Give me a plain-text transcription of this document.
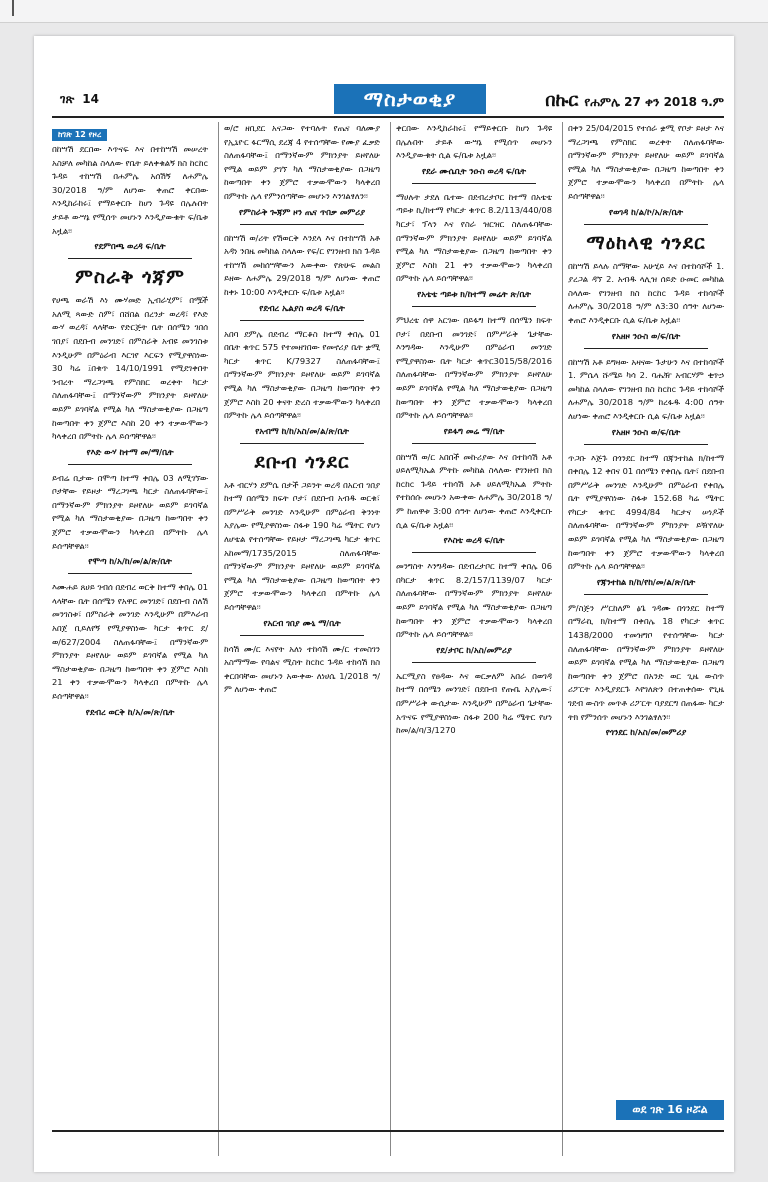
ገጽ 14	ማስታወቂያ	በኩር የሐምሌ 27 ቀን 2018 ዓ.ም
ከገጽ 12 የዞረ

በከሣሽ ደርበው እጥናፍ እና በተከሣሽ መሠረት አስቻለ መካከል ስላለው የቤት ይለቀቁልኝ ክስ ከcከc ጉዳይ ተከሣሽ በሐምሌ አሰሽኝ ለሐምሌ 30/2018 ዓ/ም ለሆነው ቀጠሮ ቀርበው እንዲከራከሩ፤ የማይቀርቡ ከሆነ ጉዳዩ በሌሉበት ታይቶ ውሣኔ የሚሰጥ መሆኑን እንዲያውቁት ፍ/ቤቱ አዟል፡፡

የደምበጫ ወረዳ ፍ/ቤት
ምስራቅ ጎጃም

የሀጫ ወራሽ እነ ሙሃመድ ኢብራሂም፣ በሟች አለሚ ጻውድ ስም፣ በሸበል በረንታ ወረዳ፣ የእድ ውሃ ወረዳ፣ ላላቸው የድርጅት ቤት በሰሜን ገበሰ ገበያ፣ በደቡብ መንገድ፣ በምስራቅ አብዩ መንገስቱ እንዲሁም በምዕራብ እርገየ እርፍን የሚያዋስነው 30 ካሬ ፤በቁጥ 14/10/1991 የሚደገቀበት ንብረት ማረጋገጫ የምስክር ወረቀት ካርታ ስለጠፋባቸው፤ በማንኛውም ምክንያት ይዞየለሁ ወይም ይገባኛል የሚል ካለ ማስታወቂያው በጋዜጣ ከወጣበት ቀን ጀምሮ እስከ 20 ቀን ተቃውሞውን ካላቀረበ በምትኩ ሌላ ይሰጣቸዋል፡፡

የእድ ውሃ ከተማ መ/ማ/ቤት

ይብሬ ቢታው በሞጣ ከተማ ቀበሌ 03 ለሚገኘው ቦታቸው የይዞታ ማረጋገጫ ካርታ ስለጠፋባቸው፤ በማንኛውም ምክንያት ይዞየለሁ ወይም ይገባኛል የሚል ካለ ማስታወቂያው በጋዜጣ ከወጣበት ቀን ጀምሮ ተቃውሞውን ካላቀረበ በምትኩ ሌላ ይሰጣቸዋል፡፡

የሞጣ ከ/አ/ከ/መ/ል/ጽ/ቤት

እሙሐይ ጸሀይ ገብሰ በደብረ ወርቅ ከተማ ቀበሌ 01 ላላቸው ቤት በሰሜን የአዋር መንገድ፣ በደቡብ ስለሽ መንገስቱ፣ በምስራቅ መንገድ እንዲሁም በምእራብ አበጀ ቢይለየኝ የሚያዋስነው ካርታ ቁጥር ደ/ወ/627/2004 ስለጠፋባቸው፤ በማንኛውም ምክንያት ይዞየለሁ ወይም ይገባኛል የሚል ካለ ማስታወቂያው በጋዜጣ ከወጣበት ቀን ጀምሮ እስከ 21 ቀን ተቃውሞውን ካላቀረበ በምትኩ ሌላ ይሰጣቸዋል፡፡

የደብረ ወርቅ ከ/አ/መ/ጽ/ቤት

ወ/ሮ ዘቢደር አናጋው የተባሉት የጤና ባለሙያ የኢኒዮር ፋርማሲ ደረጃ 4 የተሰጣቸው የሙያ ፈቃድ ስለጠፋባቸው፤ በማንኛውም ምክንያት ይዞየለሁ የሚል ወይም ያገኘ ካለ ማስታወቂያው በጋዜጣ ከወጣበት ቀን ጀምሮ ተቃውሞውን ካላቀረበ በምትኩ ሌላ የምንሰጣቸው መሆኑን እንገልፃለን፡፡

የምስራቅ ጐጃም ዞን ጤና ጥበቃ መምሪያ

በከሣሽ ወ/ሪት የሽወርቅ እንደላ እና በተከሣሽ አቶ አዳነ ንበዜ መካከል ስላለው የፍ/ር የገንዘብ ክስ ጉዳይ ተከሣሽ መከሰሣቸውን አውቀው የጽሁፍ መልስ ይዘው ለሐምሌ 29/2018 ዓ/ም ለሆነው ቀጠሮ ከቀኑ 10:00 እንዲቀርቡ ፍ/ቤቱ አዟል፡፡

የደብረ ኤልያስ ወረዳ ፍ/ቤት

አበባ ደምሌ በደብረ ማርቆስ ከተማ ቀበሌ 01 በቤት ቁጥር 575 የተመዘገበው የመኖሪያ ቤት ቋሚ ካርታ ቁጥር K/79327 ስለጠፋባቸው፤ በማንኛውም ምክንያት ይዞየለሁ ወይም ይገባኛል የሚል ካለ ማስታወቂያው በጋዜጣ ከወጣበት ቀን ጀምሮ እስከ 20 ቀናት ድረስ ተቃውሞውን ካላቀረበ በምትኩ ሌላ ይሰጣቸዋል፡፡

የአብማ ከ/ከ/አስ/መ/ል/ጽ/ቤት
ደቡብ ጎንደር

አቶ ብርሃን ደምሴ በታች ጋይንት ወረዳ በአርብ ገበያ ከተማ በሰሜን ክፍት ቦታ፣ በደቡብ አብዱ ወርቁ፣ በምሥራቅ መንገድ እንዲሁም በምዕራብ ቅንነት አያሌው የሚያዋስነው ስፋቱ 190 ካሬ ሜትር የሆነ ለሆቴል የተሰጣቸው የይዞታ ማረጋገጫ ካርታ ቁጥር አከመማ/1735/2015 ስለጠፋባቸው በማንኛውም ምክንያት ይዞየለሁ ወይም ይገባኛል የሚል ካለ ማስታወቂያው በጋዜጣ ከወጣበት ቀን ጀምሮ ተቃውሞውን ካላቀረበ በምትኩ ሌላ ይሰጣቸዋል፡፡

የአርብ ገበያ ሙኒ ማ/ቤት

ከሳሽ ሙ/ር እናየት አለነ ተከሳሽ ሙ/ር ተመስገን አስማማው የባልና ሚስት ከcከc ጉዳይ ተከሳሽ ክስ ቀርበባቸው መሆኑን አውቀው ለነሀሴ 1/2018 ዓ/ም ለሆነው ቀጠሮ

ቀርበው እንዲከራከሩ፤ የማይቀርቡ ከሆነ ጉዳዩ በሌሉበት ታይቶ ውሣኔ የሚሰጥ መሆኑን እንዲያውቁት ሲል ፍ/ቤቱ አዟል፡፡

የደራ ሙሴቢት ንዑስ ወረዳ ፍ/ቤት

ማሀሉት ታደለ ቤተው በደብረታቦር ከተማ በአቴቴ ጣይቱ ኪ/ከተማ የካርታ ቁጥር 8.2/113/440/08 ካርታ፣ ፕላን እና የስራ ዝርዝር ስለጠፋባቸው በማንኛውም ምክንያት ይዞየለሁ ወይም ይገባኛል የሚል ካለ ማስታወቂያው በጋዜጣ ከወጣበት ቀን ጀምሮ እስከ 21 ቀን ተቃውሞውን ካላቀረበ በምትኩ ሌላ ይሰጣቸዋል፡፡

የአቴቴ ጣይቱ ክ/ከተማ መሬት ጽ/ቤት

ምህረቴ ሰዋ አርገው በይፋግ ከተማ በሰሜን ክፍት ቦታ፣ በደቡብ መንገድ፣ በምሥራቅ ጌታቸው እንግዳው እንዲሁም በምዕራብ መንገድ የሚያዋስነው ቤት ካርታ ቁጥር3015/58/2016 ስለጠፋባቸው በማንኛውም ምክንያት ይዞየለሁ ወይም ይገባኛል የሚል ካለ ማስታወቂያው በጋዜጣ ከወጣበት ቀን ጀምሮ ተቃውሞውን ካላቀረበ በምትኩ ሌላ ይሰጣቸዋል፡፡

የይፋግ መሬ ማ/ቤት

በከሣሽ ወ/ር አበበች መኩሪያው እና በተከሳሽ አቶ ሀይለሚካኤል ምትኩ መካከል ስላለው የገንዘብ ክስ ከcከc ጉዳይ ተከሳሽ አቶ ሀይለሚካኤል ምትኩ የተከሰሱ መሆኑን አውቀው ለሐምሌ 30/2018 ዓ/ም ከጠዋቱ 3:00 ሰዓት ለሆነው ቀጠሮ እንዲቀርቡ ሲል ፍ/ቤቱ አዟል፡፡

የእስቴ ወረዳ ፍ/ቤት

መንግስት እንግዳው በደብረታቦር ከተማ ቀበሌ 06 በካርታ ቁጥር 8.2/157/1139/07 ካርታ ስለጠፋባቸው በማንኛውም ምክንያት ይዞየለሁ ወይም ይገባኛል የሚል ካለ ማስታወቂያው በጋዜጣ ከወጣበት ቀን ጀምሮ ተቃውሞውን ካላቀረበ በምትኩ ሌላ ይሰጣቸዋል፡፡

የደ/ታቦር ከ/አስ/መምሪያ

ኤርሚያስ የፀዳው እና ወርቃለም አበራ በወገዳ ከተማ በሰሜን መንገድ፣ በደቡብ የጡቤ አያሌው፣ በምሥራቅ ውሲታው እንዲሁም በምዕራብ ጌታቸው አጥናፍ የሚያዋስነው ስፋቱ 200 ካሬ ሜትር የሆነ ከመ/ል/ባ/3/1270

በቀን 25/04/2015 የተሰራ ቋሚ የቦታ ይዞታ እና ማረጋገጫ የምስክር ወረቀት ስለጠፋባቸው በማንኛውም ምክንያት ይዞየለሁ ወይም ይገባኛል የሚል ካለ ማስታወቂያው በጋዜጣ ከወጣበት ቀን ጀምሮ ተቃውሞውን ካላቀረበ በምትኩ ሌላ ይሰጣቸዋል፡፡

የወገዳ ከ/ል/ኮ/አ/ጽ/ቤት
ማዕከላዊ ጎንደር

በከሣሽ ይላሉ ስማቸው አሁሂይ እና በተከሳሾች 1. ያረጋል ዳኘ 2. አብዱ ላሊዝ ሰይድ ዑመር መካከል ስላለው የገንዘብ ክስ ከcከc ጉዳይ ተከሳሾች ለሐምሌ 30/2018 ዓ/ም ለ3:30 ሰዓት ለሆነው ቀጠሮ እንዲቀርቡ ሲል ፍ/ቤቱ አዟል፡፡

የአዘዞ ንዑስ ወ/ፍ/ቤት

በከሣሽ አቶ ይግዛው አዛናው ጉታሁን እና በተከሳሾች 1. ምሴላ ሹሜይ ካሳ 2. ባሔዥ አብርሃም ቂጥኃ መካከል ስላለው የገንዘብ ክስ ከcከc ጉዳይ ተከሳሾች ለሐምሌ 30/2018 ዓ/ም ከረፋዱ 4:00 ሰዓት ለሆነው ቀጠሮ እንዲቀርቡ ሲል ፍ/ቤቱ አዟል፡፡

የአዘዞ ንዑስ ወ/ፍ/ቤት

ጥጋቡ እጅጉ በጎንደር ከተማ በጃንተከል ክ/ከተማ በቀበሌ 12 ቀበና 01 በሰሜን የቀበሌ ቤት፣ በደቡብ በምሥራቅ መንገድ እንዲሁም በምዕራብ የቀበሌ ቤት የሚያዋስነው ስፋቱ 152.68 ካሬ ሜትር የካርታ ቁጥር 4994/84 ካርታና ሠነዶች ስለጠፋባቸው በማንኛውም ምክንያት ይዥየለሁ ወይም ይገባኛል የሚል ካለ ማስታወቂያው በጋዜጣ ከወጣበት ቀን ጀምሮ ተቃውሞውን ካላቀረበ በምትኩ ሌላ ይሰጣቸዋል፡፡

የጃንተከል ክ/ከ/የከ/መ/ል/ጽ/ቤት

ም/ስጅን ሥርከለም ፅጌ ገዳሙ በጎንደር ከተማ በማራኪ ክ/ከተማ በቀበሌ 18 የካርታ ቁጥር 1438/2000 ተመዝግቦ የተሰጣቸው ካርታ ስለጠፋባቸው በማንኛውም ምክንያት ይዞየለሁ ወይም ይገባኛል የሚል ካለ ማስታወቂያው በጋዜጣ ከወጣበት ቀን ጀምሮ በአንድ ወር ጊዜ ውስጥ ሪፖርት እንዲያደርጉ እየገለጽን በተጠቀሰው የጊዜ ገደብ ውስጥ መጥቶ ሪፖርት ባያደርግ በጠፋው ካርታ ትክ የምንሰጥ መሆኑን እንገልፃለን፡፡

የጎንደር ከ/አስ/መ/መምሪያ
ወደ ገጽ 16 ዞሯል
